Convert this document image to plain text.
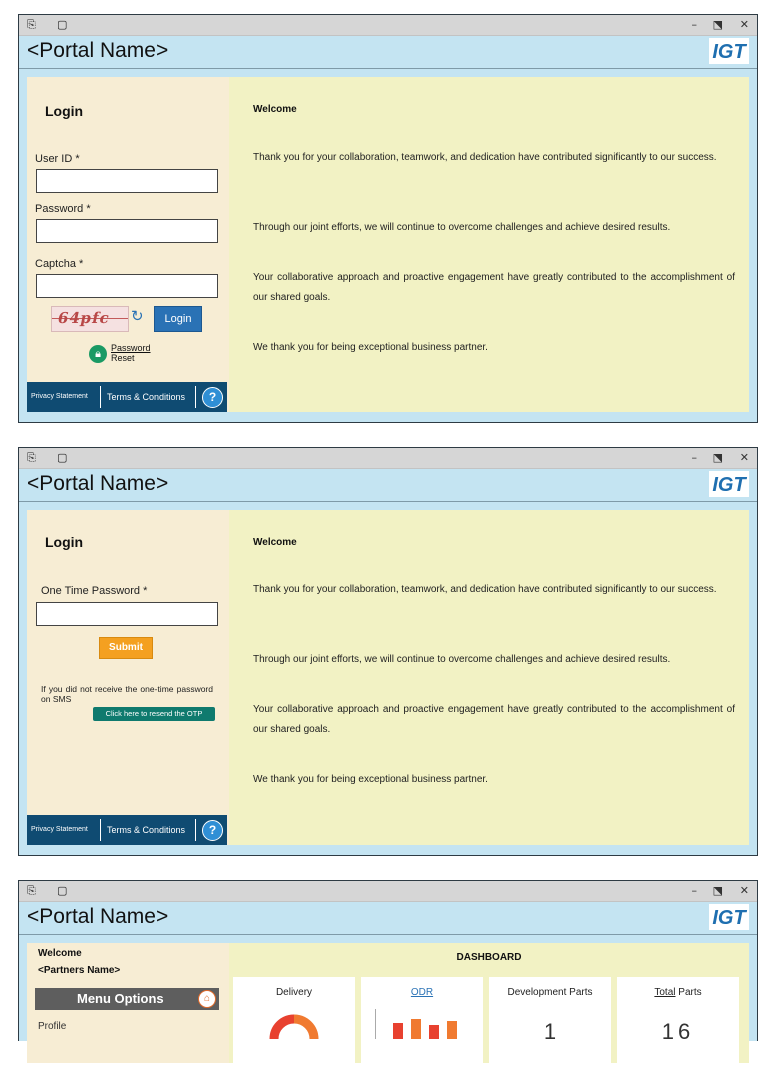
⎘ ▢	– ⬔ ✕
<Portal Name>	IGT
Login
User ID *
Password *
Captcha *
64pfc ↻	Login
🔒︎	Password
Reset
Privacy Statement Terms & Conditions	?
Welcome
Thank you for your collaboration, teamwork, and dedication have contributed significantly to our success.
Through our joint efforts, we will continue to overcome challenges and achieve desired results.
Your collaborative approach and proactive engagement have greatly contributed to the accomplishment of our shared goals.
We thank you for being exceptional business partner.
⎘ ▢	– ⬔ ✕
<Portal Name>	IGT
Login
One Time Password *
Submit
If you did not receive the one-time password on SMS
Click here to resend the OTP
Privacy Statement Terms & Conditions	?
Welcome
Thank you for your collaboration, teamwork, and dedication have contributed significantly to our success.
Through our joint efforts, we will continue to overcome challenges and achieve desired results.
Your collaborative approach and proactive engagement have greatly contributed to the accomplishment of our shared goals.
We thank you for being exceptional business partner.
⎘ ▢	– ⬔ ✕
<Portal Name>	IGT
Welcome
<Partners Name>
Menu Options	⌂
Profile
DASHBOARD
Delivery	ODR	Development Parts
1
Total Parts
16
